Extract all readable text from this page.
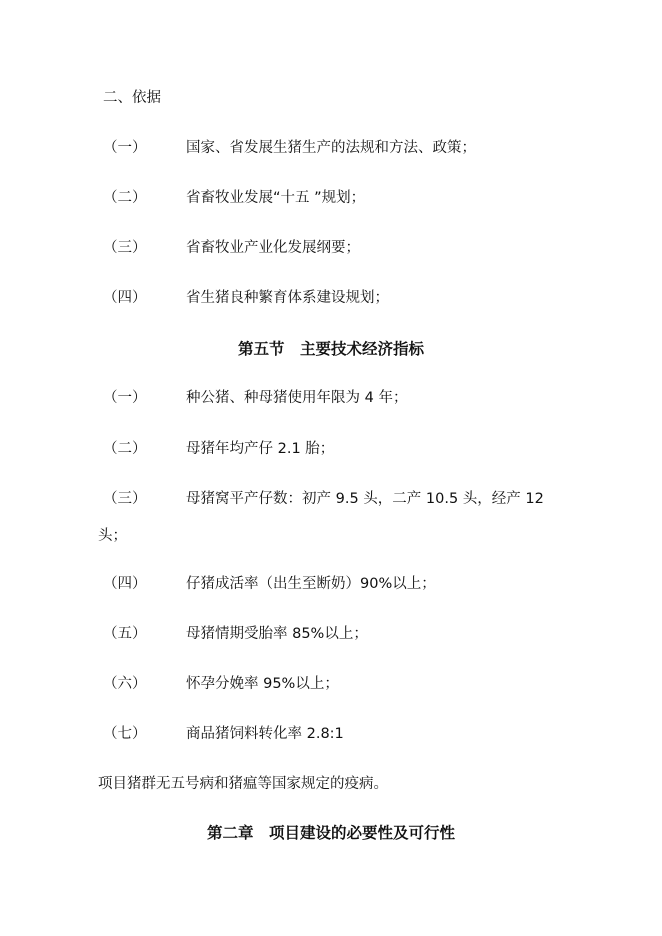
二、依据
（一）	国家、省发展生猪生产的法规和方法、政策；
（二）	省畜牧业发展“十五 ”规划；
（三）	省畜牧业产业化发展纲要；
（四）	省生猪良种繁育体系建设规划；
第五节　主要技术经济指标
（一）	种公猪、种母猪使用年限为 4 年；
（二）	母猪年均产仔 2.1 胎；
（三）	母猪窝平产仔数：初产 9.5 头，二产 10.5 头，经产 12
头；
（四）	仔猪成活率（出生至断奶）90%以上；
（五）	母猪情期受胎率 85%以上；
（六）	怀孕分娩率 95%以上；
（七）	商品猪饲料转化率 2.8:1
项目猪群无五号病和猪瘟等国家规定的疫病。
第二章　项目建设的必要性及可行性
